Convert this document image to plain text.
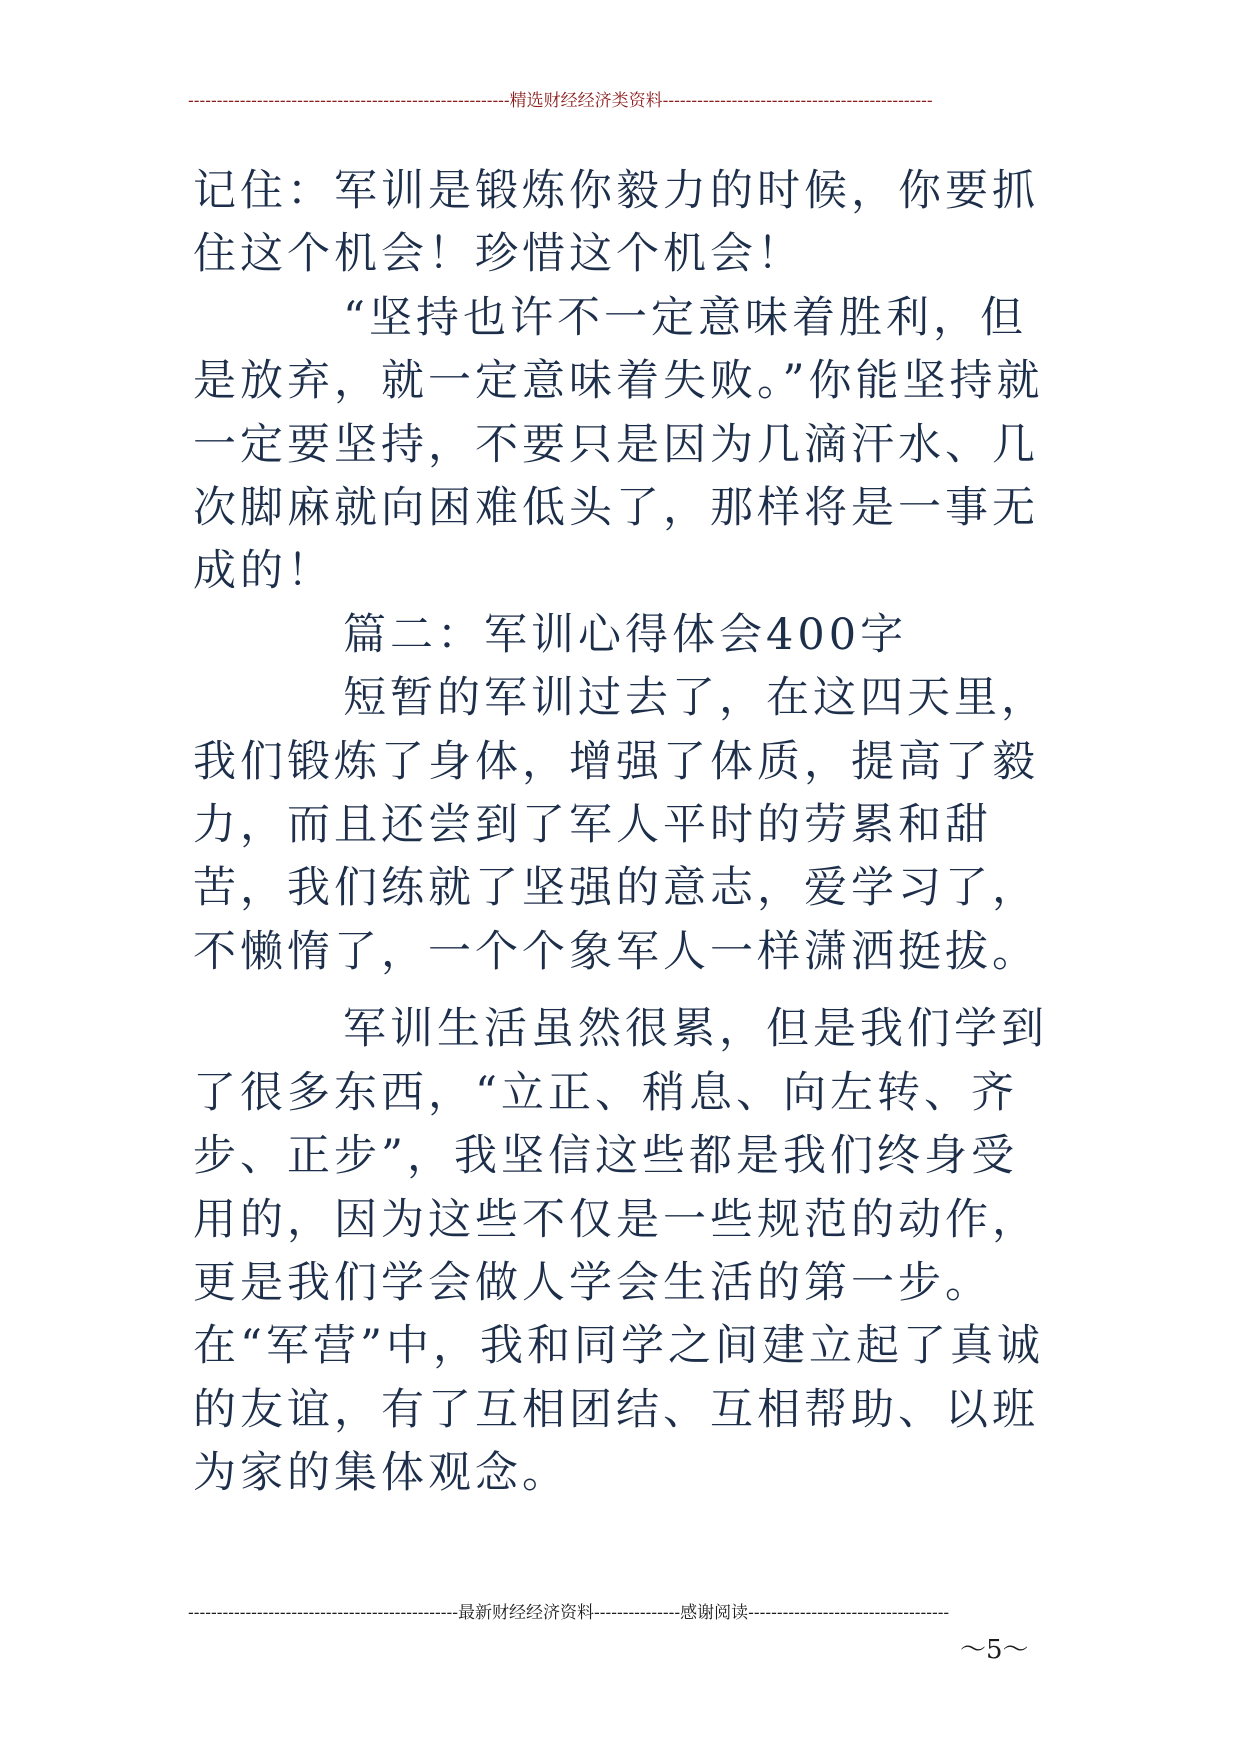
--------------------------------------------------------精选财经经济类资料-----------------------------------------------

记住：军训是锻炼你毅力的时候，你要抓住这个机会！珍惜这个机会！

“坚持也许不一定意味着胜利，但是放弃，就一定意味着失败。”你能坚持就一定要坚持，不要只是因为几滴汗水、几次脚麻就向困难低头了，那样将是一事无成的！

篇二：军训心得体会400字

短暂的军训过去了，在这四天里，我们锻炼了身体，增强了体质，提高了毅力，而且还尝到了军人平时的劳累和甜苦，我们练就了坚强的意志，爱学习了，不懒惰了，一个个象军人一样潇洒挺拔。

军训生活虽然很累，但是我们学到了很多东西，“立正、稍息、向左转、齐步、正步”，我坚信这些都是我们终身受用的，因为这些不仅是一些规范的动作，更是我们学会做人学会生活的第一步。在“军营”中，我和同学之间建立起了真诚的友谊，有了互相团结、互相帮助、以班为家的集体观念。

-----------------------------------------------最新财经经济资料---------------感谢阅读-----------------------------------
～5～
